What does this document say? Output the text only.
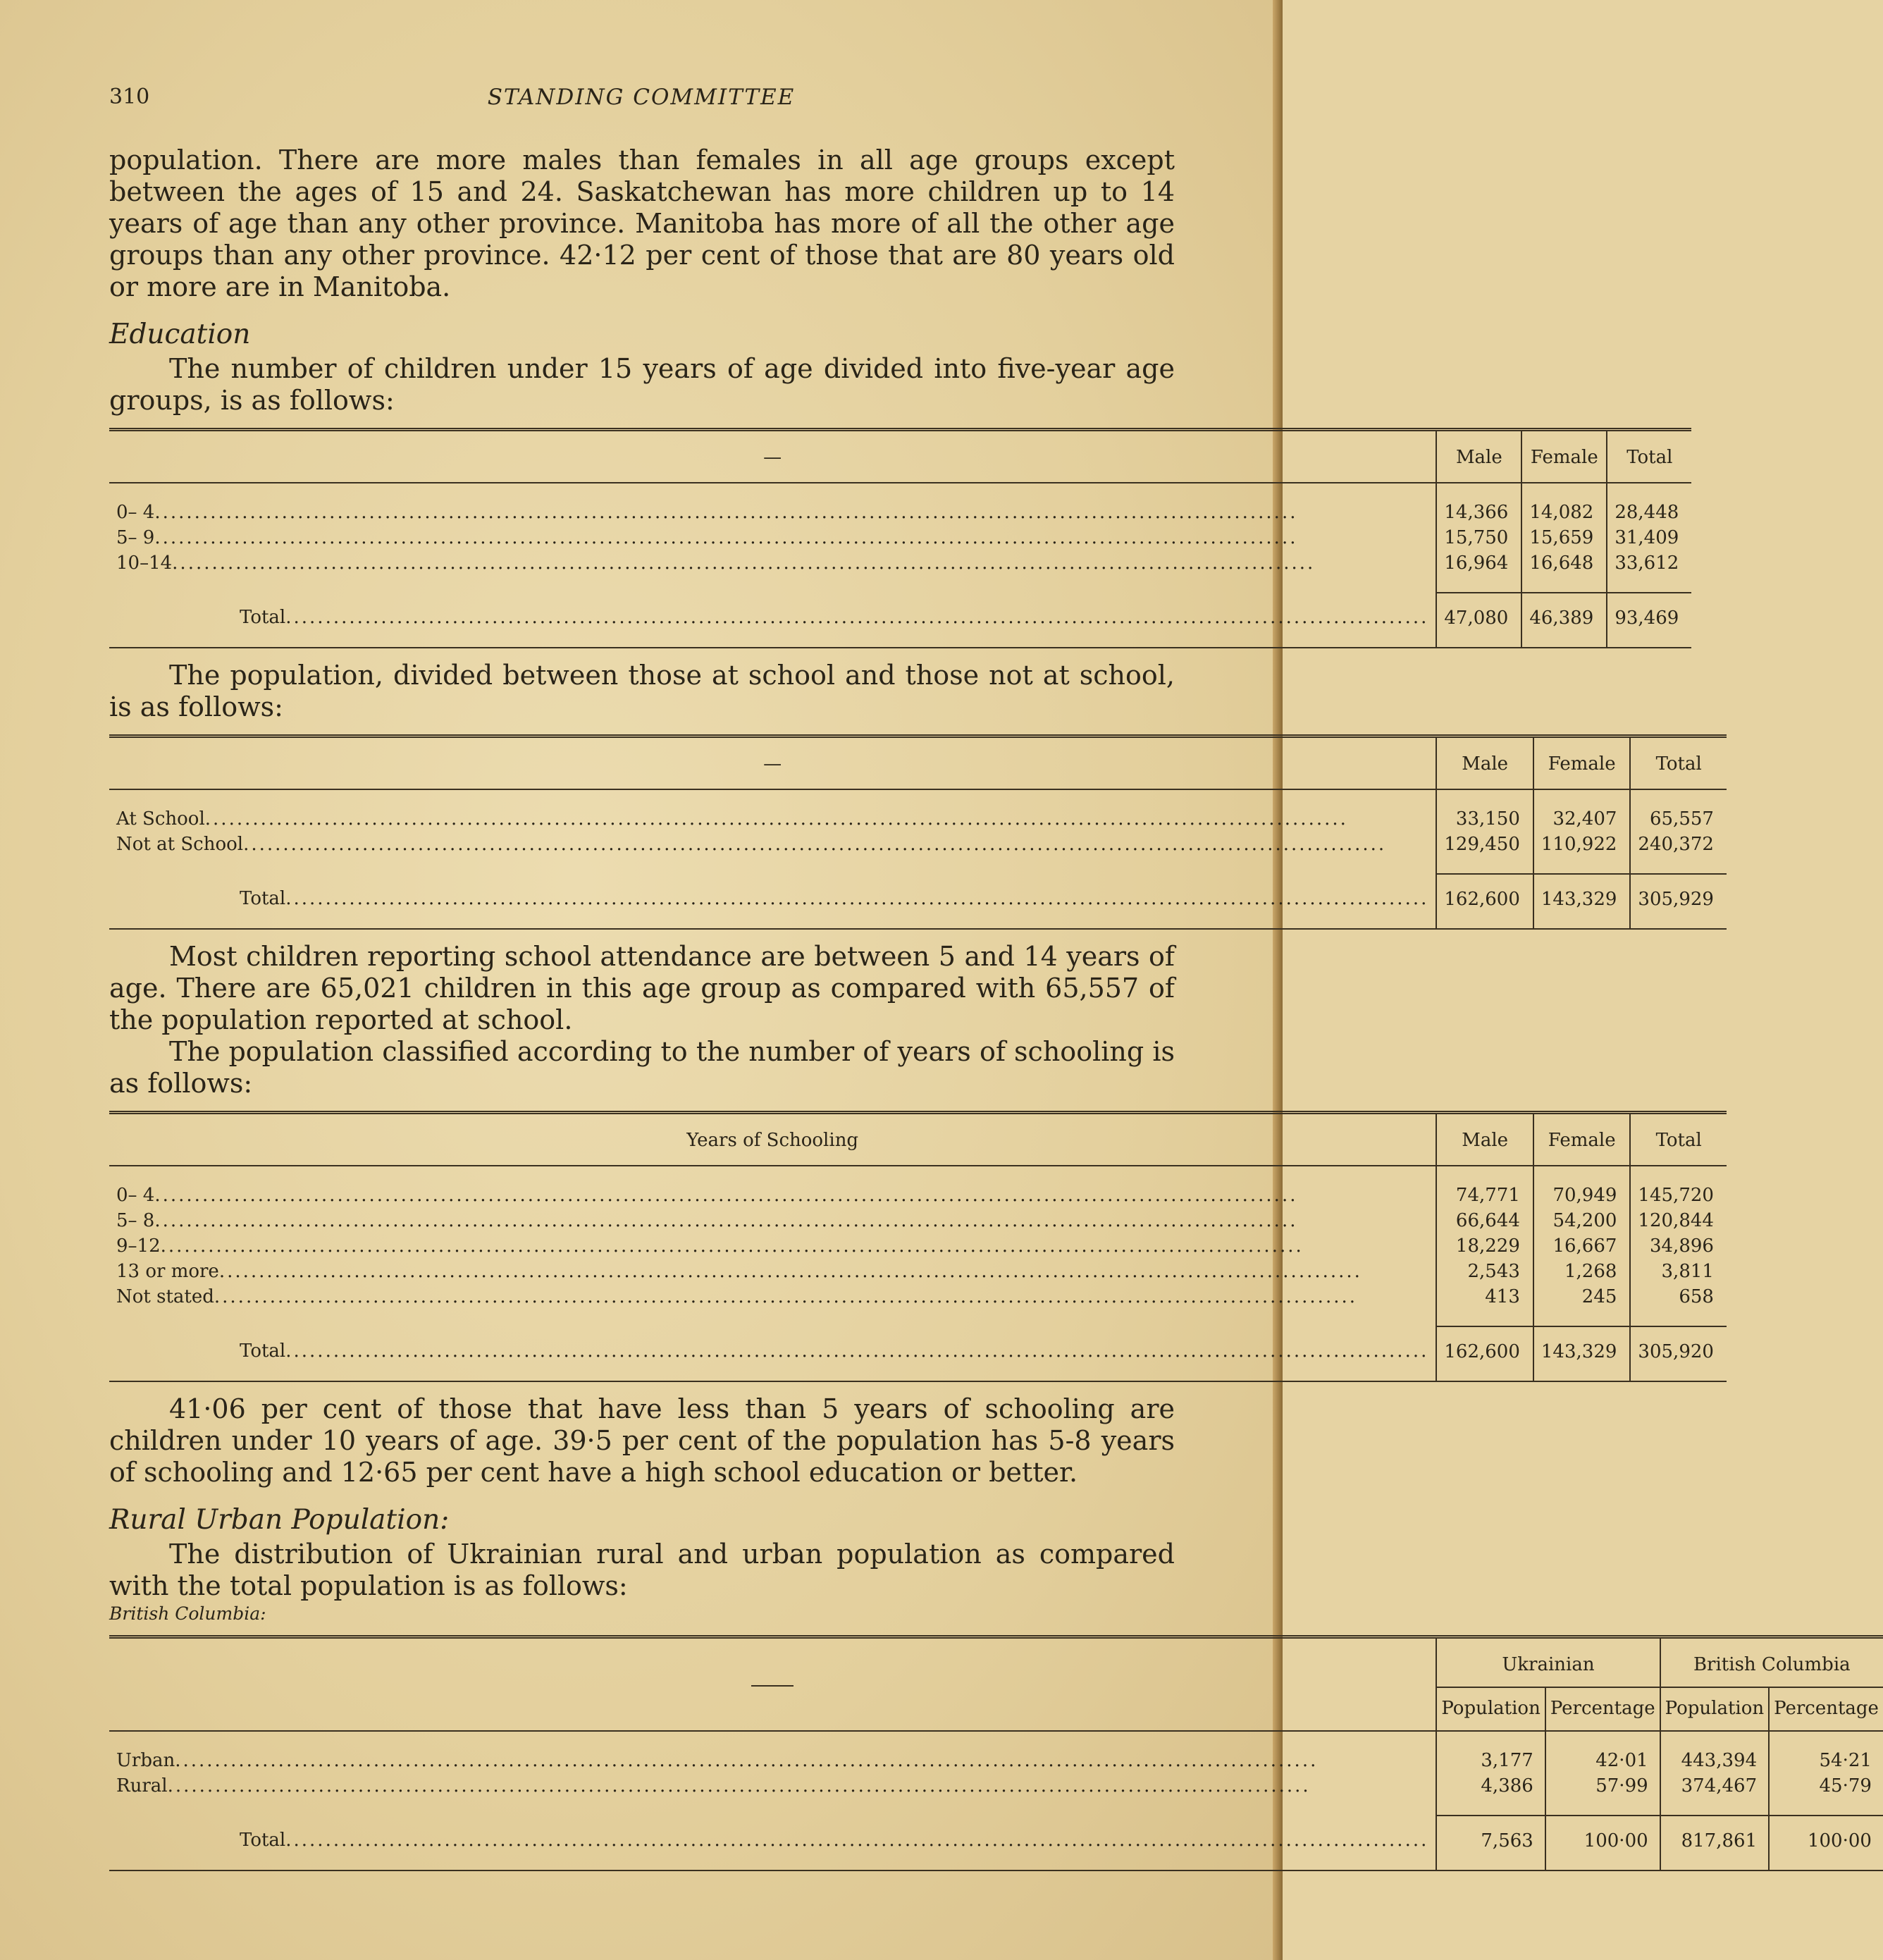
310	STANDING COMMITTEE

population. There are more males than females in all age groups except between the ages of 15 and 24. Saskatchewan has more children up to 14 years of age than any other province. Manitoba has more of all the other age groups than any other province. 42·12 per cent of those that are 80 years old or more are in Manitoba.

Education

The number of children under 15 years of age divided into five-year age groups, is as follows:

—	Male	Female	Total

0– 4
.....	14,366	14,082	28,448

5– 9
.....	15,750	15,659	31,409

10–14
.....	16,964	16,648	33,612

Total
.....	47,080	46,389	93,469

The population, divided between those at school and those not at school, is as follows:

—	Male	Female	Total

At School
.....	33,150	32,407	65,557

Not at School
.....	129,450	110,922	240,372

Total
.....	162,600	143,329	305,929

Most children reporting school attendance are between 5 and 14 years of age. There are 65,021 children in this age group as compared with 65,557 of the population reported at school.

The population classified according to the number of years of schooling is as follows:

Years of Schooling	Male	Female	Total

0– 4
.....	74,771	70,949	145,720

5– 8
.....	66,644	54,200	120,844

9–12
.....	18,229	16,667	34,896

13 or more
.....	2,543	1,268	3,811

Not stated
.....	413	245	658

Total
.....	162,600	143,329	305,920

41·06 per cent of those that have less than 5 years of schooling are children under 10 years of age. 39·5 per cent of the population has 5-8 years of schooling and 12·65 per cent have a high school education or better.

Rural Urban Population:

The distribution of Ukrainian rural and urban population as compared with the total population is as follows:

British Columbia:
	Ukrainian		British Columbia	
	Population	Percentage	Population	Percentage

Urban
.....	3,177	42·01	443,394	54·21

Rural
.....	4,386	57·99	374,467	45·79

Total
.....	7,563	100·00	817,861	100·00
